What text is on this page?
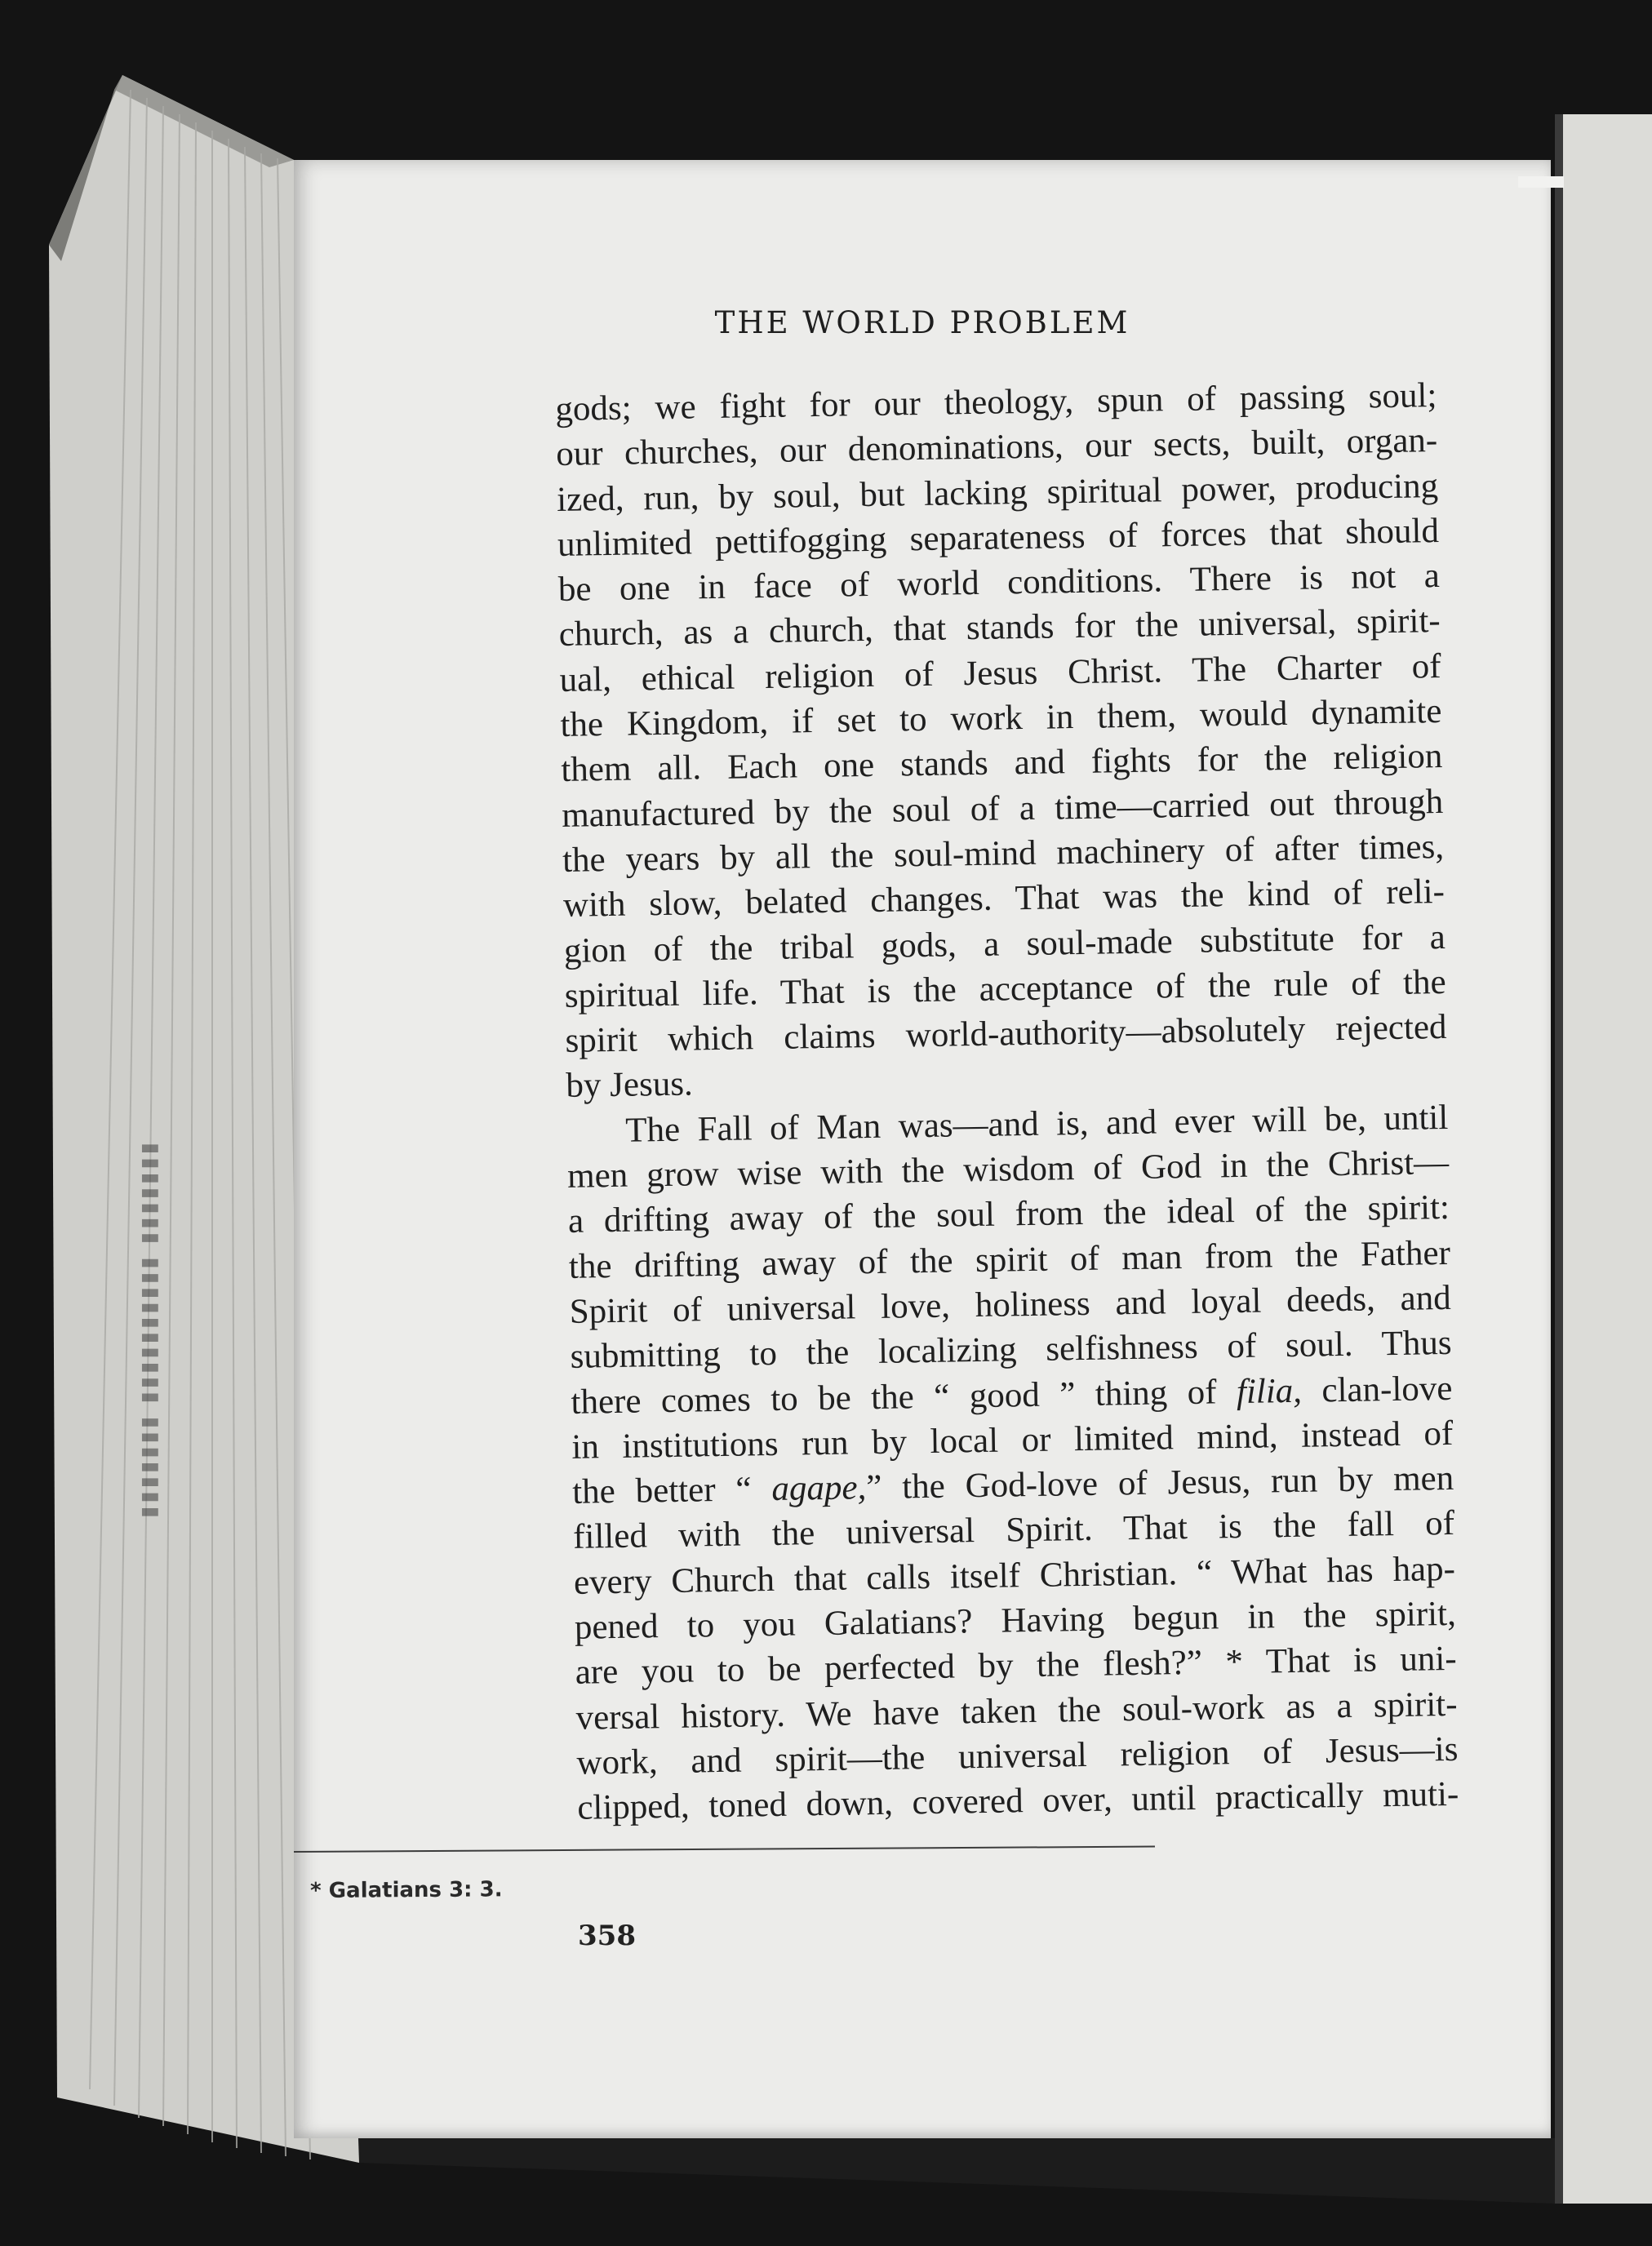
THE WORLD PROBLEM
gods; we fight for our theology, spun of passing soul;
our churches, our denominations, our sects, built, organ-
ized, run, by soul, but lacking spiritual power, producing
unlimited pettifogging separateness of forces that should
be one in face of world conditions. There is not a
church, as a church, that stands for the universal, spirit-
ual, ethical religion of Jesus Christ. The Charter of
the Kingdom, if set to work in them, would dynamite
them all. Each one stands and fights for the religion
manufactured by the soul of a time—carried out through
the years by all the soul-mind machinery of after times,
with slow, belated changes. That was the kind of reli-
gion of the tribal gods, a soul-made substitute for a
spiritual life. That is the acceptance of the rule of the
spirit which claims world-authority—absolutely rejected
by Jesus.
The Fall of Man was—and is, and ever will be, until
men grow wise with the wisdom of God in the Christ—
a drifting away of the soul from the ideal of the spirit:
the drifting away of the spirit of man from the Father
Spirit of universal love, holiness and loyal deeds, and
submitting to the localizing selfishness of soul. Thus
there comes to be the “ good ” thing of filia, clan-love
in institutions run by local or limited mind, instead of
the better “ agape,” the God-love of Jesus, run by men
filled with the universal Spirit. That is the fall of
every Church that calls itself Christian. “ What has hap-
pened to you Galatians? Having begun in the spirit,
are you to be perfected by the flesh?” * That is uni-
versal history. We have taken the soul-work as a spirit-
work, and spirit—the universal religion of Jesus—is
clipped, toned down, covered over, until practically muti-
* Galatians 3: 3.
358
▮▮▮▮▮▮▮ ▮▮▮▮▮▮▮▮▮▮ ▮▮▮▮▮▮▮
